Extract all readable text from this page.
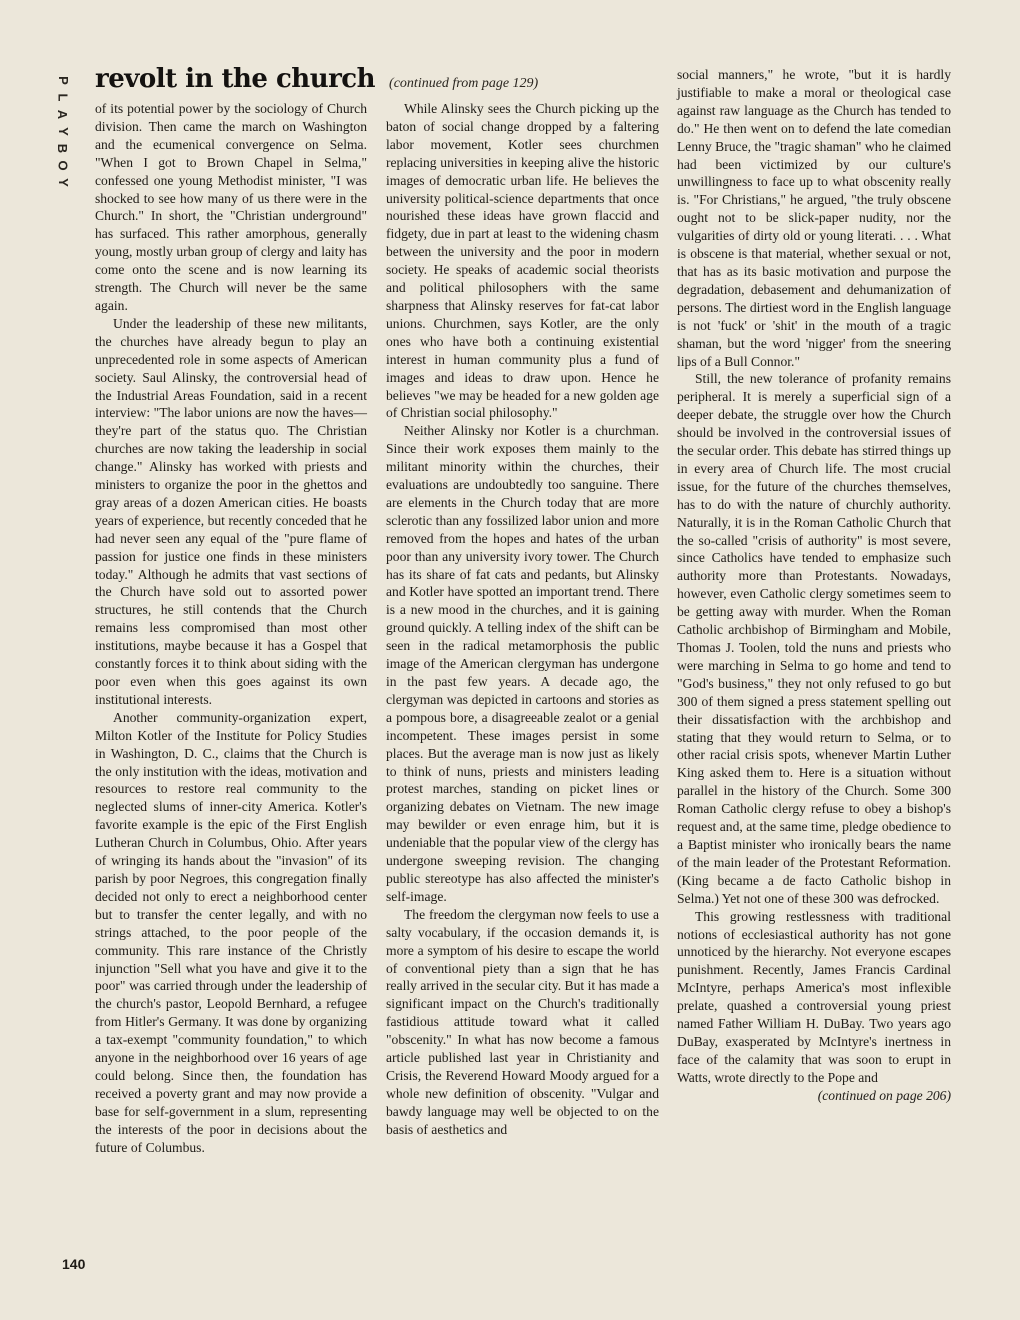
P
L
A
Y
B
O
Y
140
revolt in the church (continued from page 129)

of its potential power by the sociology of Church division. Then came the march on Washington and the ecumenical convergence on Selma. "When I got to Brown Chapel in Selma," confessed one young Methodist minister, "I was shocked to see how many of us there were in the Church." In short, the "Christian underground" has surfaced. This rather amorphous, generally young, mostly urban group of clergy and laity has come onto the scene and is now learning its strength. The Church will never be the same again.

Under the leadership of these new militants, the churches have already begun to play an unprecedented role in some aspects of American society. Saul Alinsky, the controversial head of the Industrial Areas Foundation, said in a recent interview: "The labor unions are now the haves—they're part of the status quo. The Christian churches are now taking the leadership in social change." Alinsky has worked with priests and ministers to organize the poor in the ghettos and gray areas of a dozen American cities. He boasts years of experience, but recently conceded that he had never seen any equal of the "pure flame of passion for justice one finds in these ministers today." Although he admits that vast sections of the Church have sold out to assorted power structures, he still contends that the Church remains less compromised than most other institutions, maybe because it has a Gospel that constantly forces it to think about siding with the poor even when this goes against its own institutional interests.

Another community-organization expert, Milton Kotler of the Institute for Policy Studies in Washington, D. C., claims that the Church is the only institution with the ideas, motivation and resources to restore real community to the neglected slums of inner-city America. Kotler's favorite example is the epic of the First English Lutheran Church in Columbus, Ohio. After years of wringing its hands about the "invasion" of its parish by poor Negroes, this congregation finally decided not only to erect a neighborhood center but to transfer the center legally, and with no strings attached, to the poor people of the community. This rare instance of the Christly injunction "Sell what you have and give it to the poor" was carried through under the leadership of the church's pastor, Leopold Bernhard, a refugee from Hitler's Germany. It was done by organizing a tax-exempt "community foundation," to which anyone in the neighborhood over 16 years of age could belong. Since then, the foundation has received a poverty grant and may now provide a base for self-government in a slum, representing the interests of the poor in decisions about the future of Columbus.

While Alinsky sees the Church picking up the baton of social change dropped by a faltering labor movement, Kotler sees churchmen replacing universities in keeping alive the historic images of democratic urban life. He believes the university political-science departments that once nourished these ideas have grown flaccid and fidgety, due in part at least to the widening chasm between the university and the poor in modern society. He speaks of academic social theorists and political philosophers with the same sharpness that Alinsky reserves for fat-cat labor unions. Churchmen, says Kotler, are the only ones who have both a continuing existential interest in human community plus a fund of images and ideas to draw upon. Hence he believes "we may be headed for a new golden age of Christian social philosophy."

Neither Alinsky nor Kotler is a churchman. Since their work exposes them mainly to the militant minority within the churches, their evaluations are undoubtedly too sanguine. There are elements in the Church today that are more sclerotic than any fossilized labor union and more removed from the hopes and hates of the urban poor than any university ivory tower. The Church has its share of fat cats and pedants, but Alinsky and Kotler have spotted an important trend. There is a new mood in the churches, and it is gaining ground quickly. A telling index of the shift can be seen in the radical metamorphosis the public image of the American clergyman has undergone in the past few years. A decade ago, the clergyman was depicted in cartoons and stories as a pompous bore, a disagreeable zealot or a genial incompetent. These images persist in some places. But the average man is now just as likely to think of nuns, priests and ministers leading protest marches, standing on picket lines or organizing debates on Vietnam. The new image may bewilder or even enrage him, but it is undeniable that the popular view of the clergy has undergone sweeping revision. The changing public stereotype has also affected the minister's self-image.

The freedom the clergyman now feels to use a salty vocabulary, if the occasion demands it, is more a symptom of his desire to escape the world of conventional piety than a sign that he has really arrived in the secular city. But it has made a significant impact on the Church's traditionally fastidious attitude toward what it called "obscenity." In what has now become a famous article published last year in Christianity and Crisis, the Reverend Howard Moody argued for a whole new definition of obscenity. "Vulgar and bawdy language may well be objected to on the basis of aesthetics and

social manners," he wrote, "but it is hardly justifiable to make a moral or theological case against raw language as the Church has tended to do." He then went on to defend the late comedian Lenny Bruce, the "tragic shaman" who he claimed had been victimized by our culture's unwillingness to face up to what obscenity really is. "For Christians," he argued, "the truly obscene ought not to be slick-paper nudity, nor the vulgarities of dirty old or young literati. . . . What is obscene is that material, whether sexual or not, that has as its basic motivation and purpose the degradation, debasement and dehumanization of persons. The dirtiest word in the English language is not 'fuck' or 'shit' in the mouth of a tragic shaman, but the word 'nigger' from the sneering lips of a Bull Connor."

Still, the new tolerance of profanity remains peripheral. It is merely a superficial sign of a deeper debate, the struggle over how the Church should be involved in the controversial issues of the secular order. This debate has stirred things up in every area of Church life. The most crucial issue, for the future of the churches themselves, has to do with the nature of churchly authority. Naturally, it is in the Roman Catholic Church that the so-called "crisis of authority" is most severe, since Catholics have tended to emphasize such authority more than Protestants. Nowadays, however, even Catholic clergy sometimes seem to be getting away with murder. When the Roman Catholic archbishop of Birmingham and Mobile, Thomas J. Toolen, told the nuns and priests who were marching in Selma to go home and tend to "God's business," they not only refused to go but 300 of them signed a press statement spelling out their dissatisfaction with the archbishop and stating that they would return to Selma, or to other racial crisis spots, whenever Martin Luther King asked them to. Here is a situation without parallel in the history of the Church. Some 300 Roman Catholic clergy refuse to obey a bishop's request and, at the same time, pledge obedience to a Baptist minister who ironically bears the name of the main leader of the Protestant Reformation. (King became a de facto Catholic bishop in Selma.) Yet not one of these 300 was defrocked.

This growing restlessness with traditional notions of ecclesiastical authority has not gone unnoticed by the hierarchy. Not everyone escapes punishment. Recently, James Francis Cardinal McIntyre, perhaps America's most inflexible prelate, quashed a controversial young priest named Father William H. DuBay. Two years ago DuBay, exasperated by McIntyre's inertness in face of the calamity that was soon to erupt in Watts, wrote directly to the Pope and

(continued on page 206)
